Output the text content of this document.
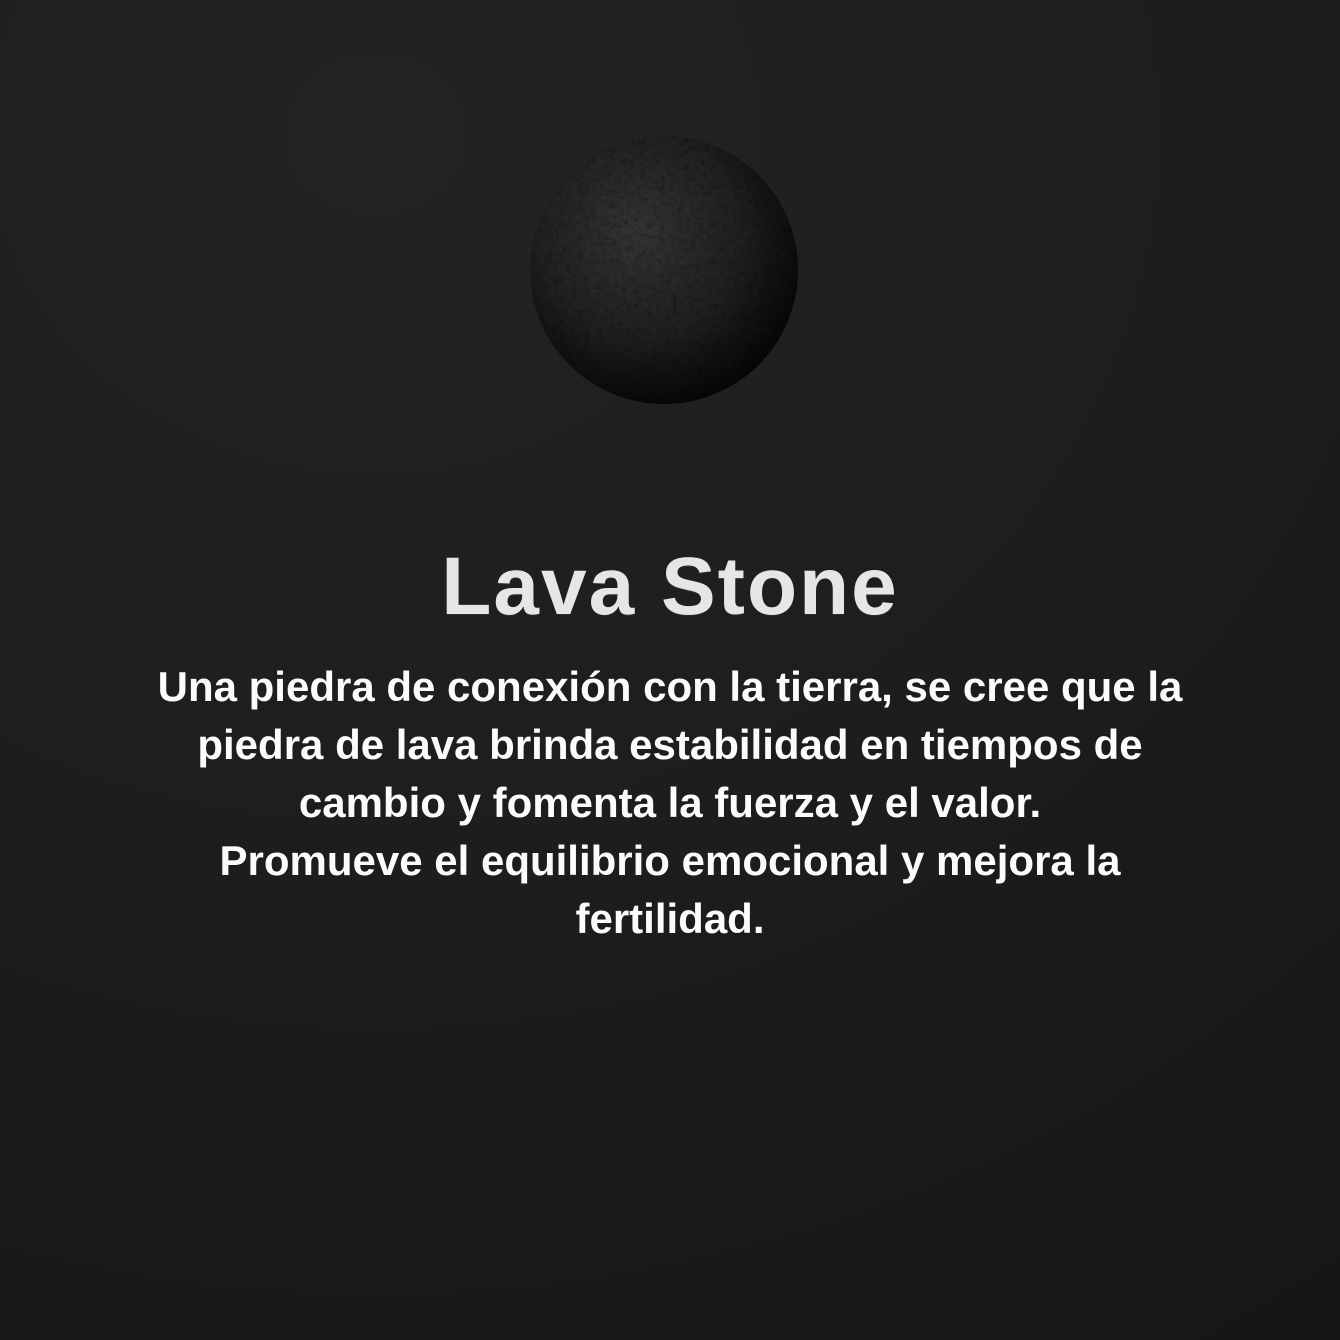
Lava Stone
Una piedra de conexión con la tierra, se cree que la
piedra de lava brinda estabilidad en tiempos de
cambio y fomenta la fuerza y el valor.
Promueve el equilibrio emocional y mejora la
fertilidad.
